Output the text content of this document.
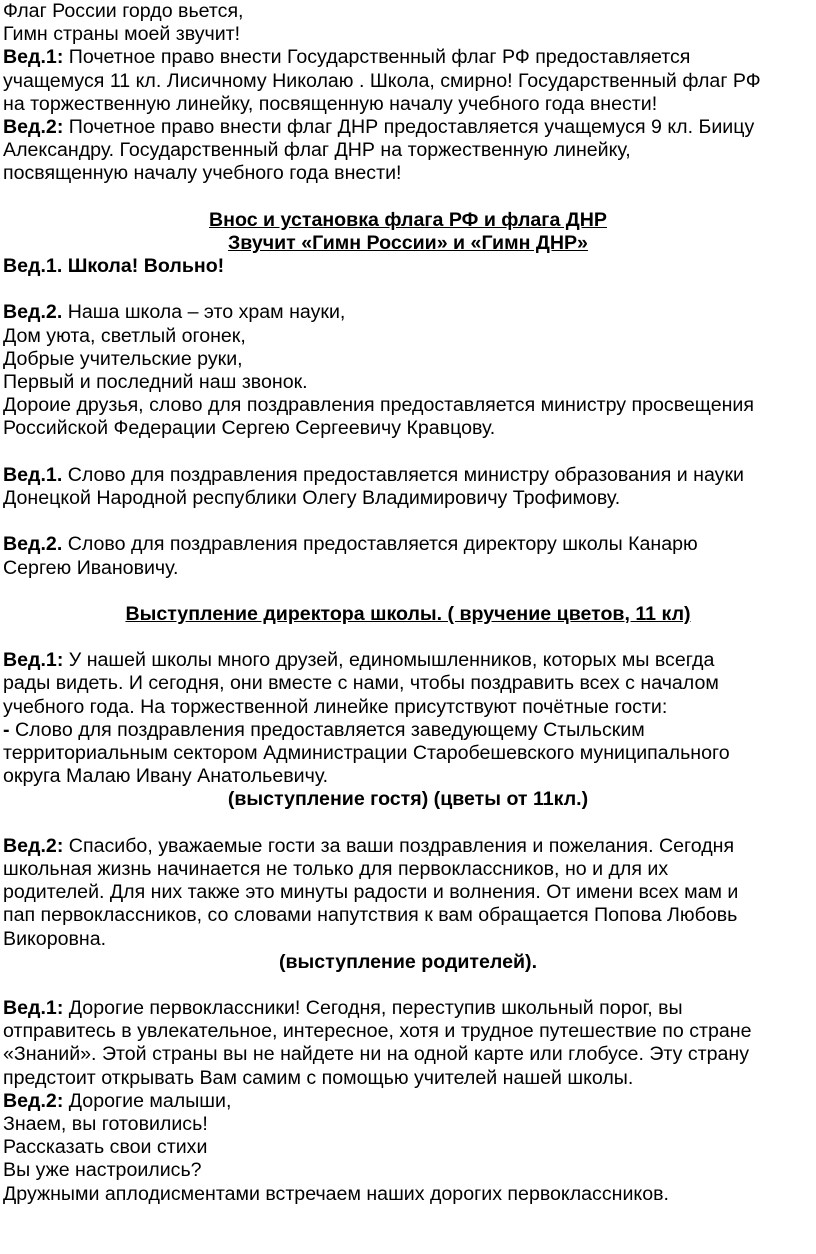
Флаг России гордо вьется,
Гимн страны моей звучит!
Вед.1: Почетное право внести Государственный флаг РФ предоставляется
учащемуся 11 кл. Лисичному Николаю . Школа, смирно! Государственный флаг РФ
на торжественную линейку, посвященную началу учебного года внести!
Вед.2: Почетное право внести флаг ДНР предоставляется учащемуся 9 кл. Биицу
Александру. Государственный флаг ДНР на торжественную линейку,
посвященную началу учебного года внести!
Внос и установка флага РФ и флага ДНР
Звучит «Гимн России» и «Гимн ДНР»
Вед.1. Школа! Вольно!
Вед.2. Наша школа – это храм науки,
Дом уюта, светлый огонек,
Добрые учительские руки,
Первый и последний наш звонок.
Дороие друзья, слово для поздравления предоставляется министру просвещения
Российской Федерации Сергею Сергеевичу Кравцову.
Вед.1. Слово для поздравления предоставляется министру образования и науки
Донецкой Народной республики Олегу Владимировичу Трофимову.
Вед.2. Слово для поздравления предоставляется директору школы Канарю
Сергею Ивановичу.
Выступление директора школы. ( вручение цветов, 11 кл)
Вед.1: У нашей школы много друзей, единомышленников, которых мы всегда
рады видеть. И сегодня, они вместе с нами, чтобы поздравить всех с началом
учебного года. На торжественной линейке присутствуют почётные гости:
- Слово для поздравления предоставляется заведующему Стыльским
территориальным сектором Администрации Старобешевского муниципального
округа Малаю Ивану Анатольевичу.
(выступление гостя) (цветы от 11кл.)
Вед.2: Спасибо, уважаемые гости за ваши поздравления и пожелания. Сегодня
школьная жизнь начинается не только для первоклассников, но и для их
родителей. Для них также это минуты радости и волнения. От имени всех мам и
пап первоклассников, со словами напутствия к вам обращается Попова Любовь
Викоровна.
(выступление родителей).
Вед.1: Дорогие первоклассники! Сегодня, переступив школьный порог, вы
отправитесь в увлекательное, интересное, хотя и трудное путешествие по стране
«Знаний». Этой страны вы не найдете ни на одной карте или глобусе. Эту страну
предстоит открывать Вам самим с помощью учителей нашей школы.
Вед.2: Дорогие малыши,
Знаем, вы готовились!
Рассказать свои стихи
Вы уже настроились?
Дружными аплодисментами встречаем наших дорогих первоклассников.
